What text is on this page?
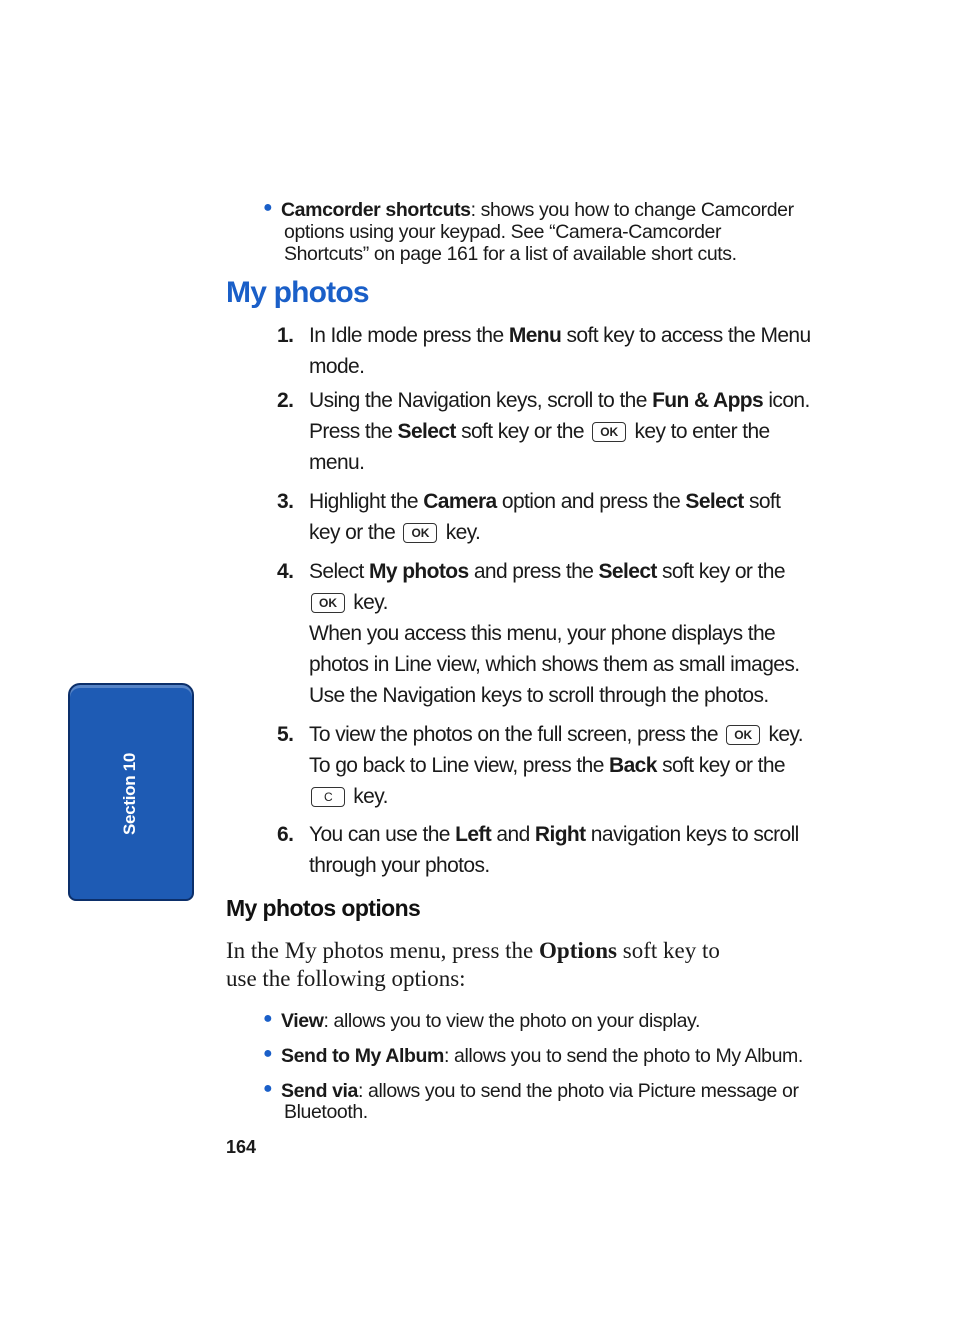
Section 10
● Camcorder shortcuts: shows you how to change Camcorder
options using your keypad. See “Camera-Camcorder
Shortcuts” on page 161 for a list of available short cuts.
My photos
1. In Idle mode press the Menu soft key to access the Menu
mode.
2. Using the Navigation keys, scroll to the Fun & Apps icon.
Press the Select soft key or the OK key to enter the
menu.
3. Highlight the Camera option and press the Select soft
key or the OK key.
4. Select My photos and press the Select soft key or the
OK key.
When you access this menu, your phone displays the
photos in Line view, which shows them as small images.
Use the Navigation keys to scroll through the photos.
5. To view the photos on the full screen, press the OK key.
To go back to Line view, press the Back soft key or the
C key.
6. You can use the Left and Right navigation keys to scroll
through your photos.
My photos options
In the My photos menu, press the Options soft key to
use the following options:
● View: allows you to view the photo on your display.
● Send to My Album: allows you to send the photo to My Album.
● Send via: allows you to send the photo via Picture message or
Bluetooth.
164
